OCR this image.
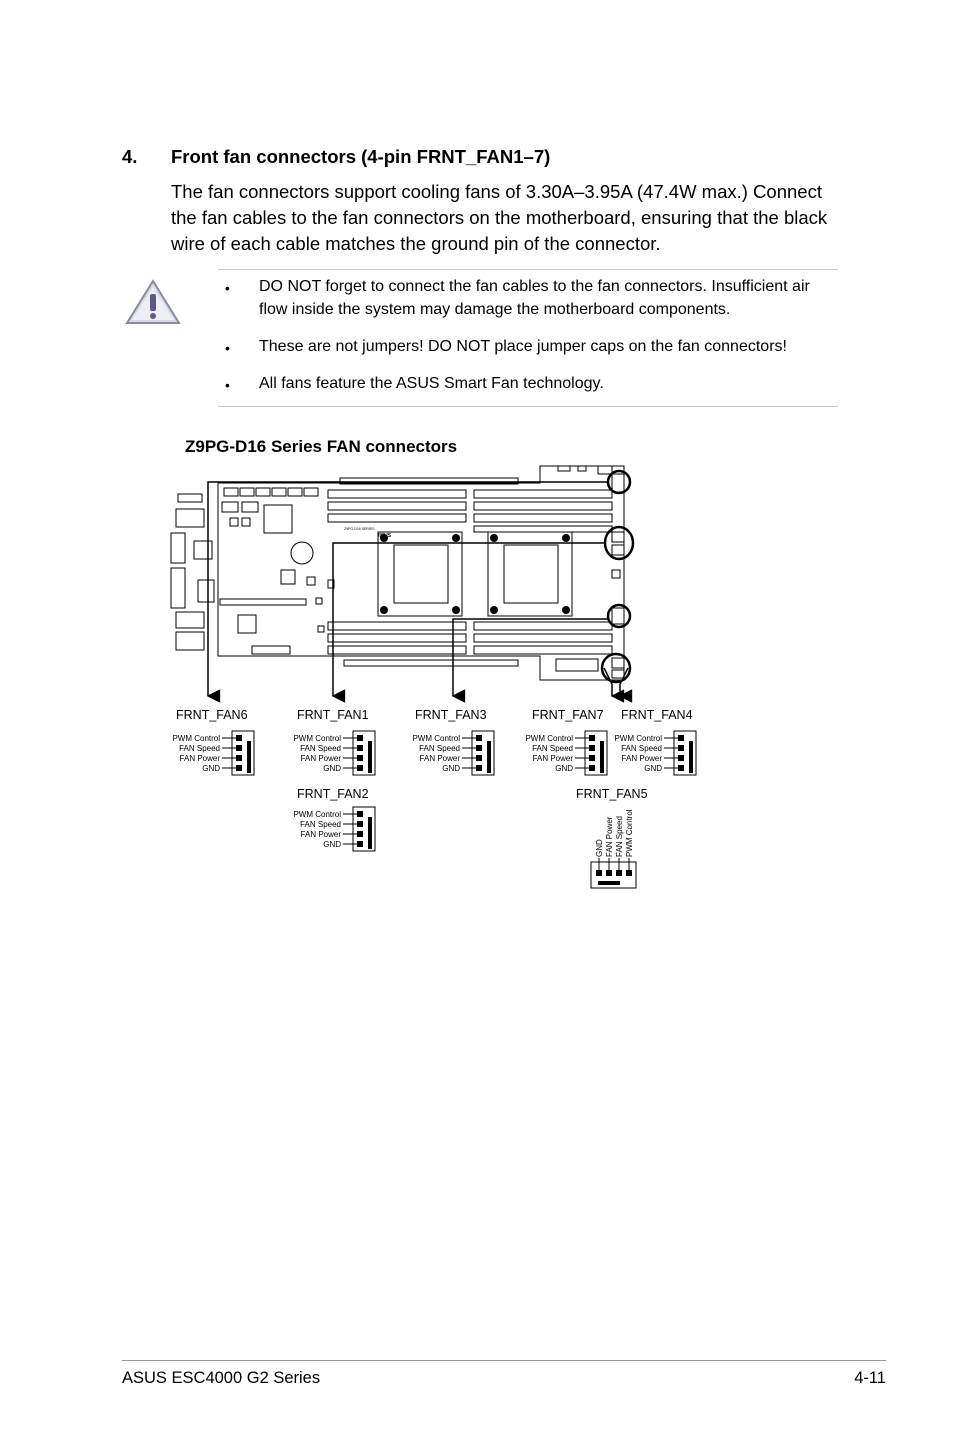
4. Front fan connectors (4-pin FRNT_FAN1–7)
The fan connectors support cooling fans of 3.30A–3.95A (47.4W max.) Connect the fan cables to the fan connectors on the motherboard, ensuring that the black wire of each cable matches the ground pin of the connector.
• DO NOT forget to connect the fan cables to the fan connectors. Insufficient air flow inside the system may damage the motherboard components.
• These are not jumpers! DO NOT place jumper caps on the fan connectors!
• All fans feature the ASUS Smart Fan technology.
Z9PG-D16 Series FAN connectors
Z9PG-D16 SERIES
/ISUS
FRNT_FAN6
PWM Control
FAN Speed
FAN Power
GND
FRNT_FAN1
PWM Control
FAN Speed
FAN Power
GND
FRNT_FAN3
PWM Control
FAN Speed
FAN Power
GND
FRNT_FAN7
PWM Control
FAN Speed
FAN Power
GND
FRNT_FAN4
PWM Control
FAN Speed
FAN Power
GND
FRNT_FAN2
PWM Control
FAN Speed
FAN Power
GND
FRNT_FAN5
GND FAN Power FAN Speed PWM Control
ASUS ESC4000 G2 Series	4-11
